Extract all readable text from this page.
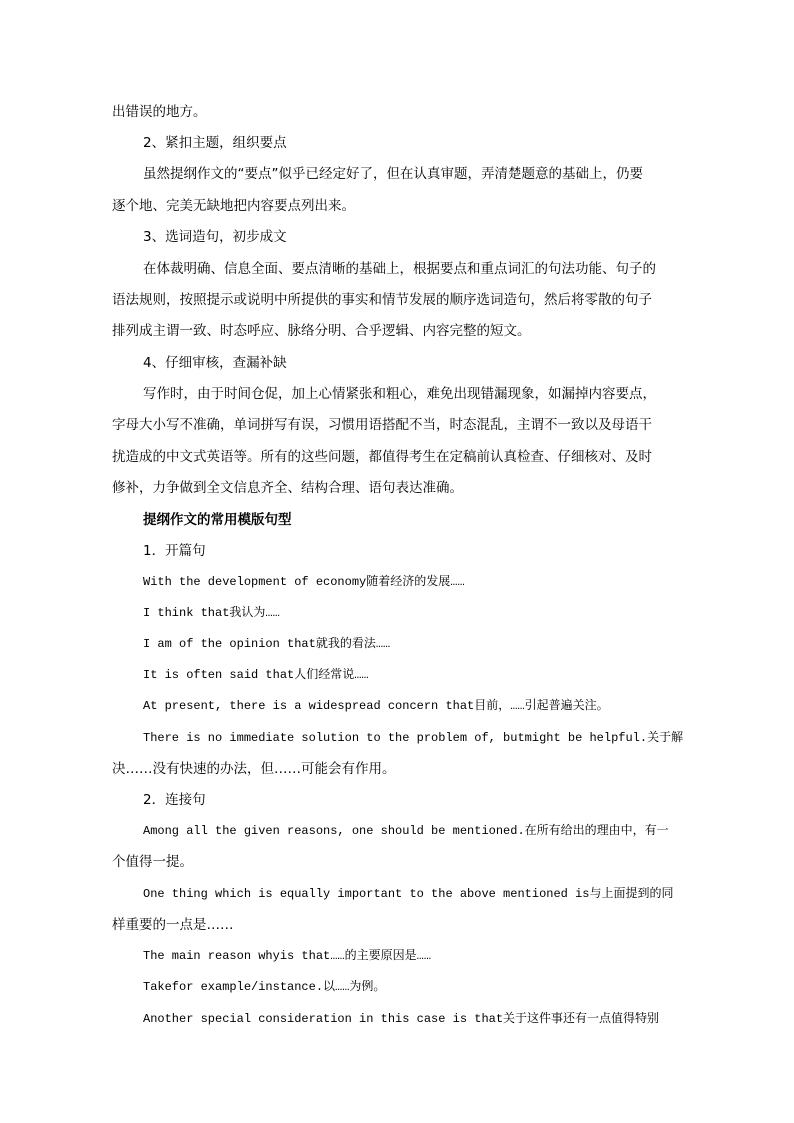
出错误的地方。

2、紧扣主题，组织要点

虽然提纲作文的“要点”似乎已经定好了，但在认真审题，弄清楚题意的基础上，仍要

逐个地、完美无缺地把内容要点列出来。

3、选词造句，初步成文

在体裁明确、信息全面、要点清晰的基础上，根据要点和重点词汇的句法功能、句子的

语法规则，按照提示或说明中所提供的事实和情节发展的顺序选词造句，然后将零散的句子

排列成主谓一致、时态呼应、脉络分明、合乎逻辑、内容完整的短文。

4、仔细审核，查漏补缺

写作时，由于时间仓促，加上心情紧张和粗心，难免出现错漏现象，如漏掉内容要点，

字母大小写不准确，单词拼写有误，习惯用语搭配不当，时态混乱，主谓不一致以及母语干

扰造成的中文式英语等。所有的这些问题，都值得考生在定稿前认真检查、仔细核对、及时

修补，力争做到全文信息齐全、结构合理、语句表达准确。

提纲作文的常用模版句型

1．开篇句

With the development of economy随着经济的发展……

I think that我认为……

I am of the opinion that就我的看法……

It is often said that人们经常说……

At present, there is a widespread concern that目前，……引起普遍关注。

There is no immediate solution to the problem of, butmight be helpful.关于解

决……没有快速的办法，但……可能会有作用。

2．连接句

Among all the given reasons, one should be mentioned.在所有给出的理由中，有一

个值得一提。

One thing which is equally important to the above mentioned is与上面提到的同

样重要的一点是……

The main reason whyis that……的主要原因是……

Takefor example/instance.以……为例。

Another special consideration in this case is that关于这件事还有一点值得特别
